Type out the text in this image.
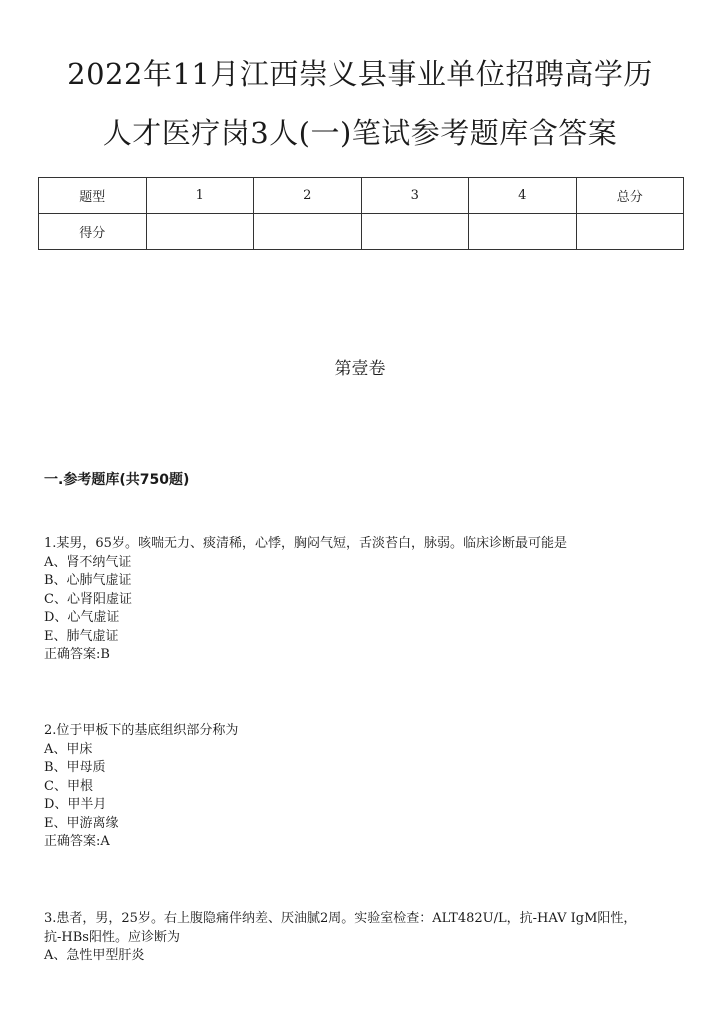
2022年11月江西崇义县事业单位招聘高学历
人才医疗岗3人(一)笔试参考题库含答案
题型	1	2	3	4	总分
得分					
第壹卷
一.参考题库(共750题)
1.某男，65岁。咳喘无力、痰清稀，心悸，胸闷气短，舌淡苔白，脉弱。临床诊断最可能是
A、肾不纳气证
B、心肺气虚证
C、心肾阳虚证
D、心气虚证
E、肺气虚证
正确答案:B
2.位于甲板下的基底组织部分称为
A、甲床
B、甲母质
C、甲根
D、甲半月
E、甲游离缘
正确答案:A
3.患者，男，25岁。右上腹隐痛伴纳差、厌油腻2周。实验室检查：ALT482U/L，抗-HAV IgM阳性，
抗-HBs阳性。应诊断为
A、急性甲型肝炎
